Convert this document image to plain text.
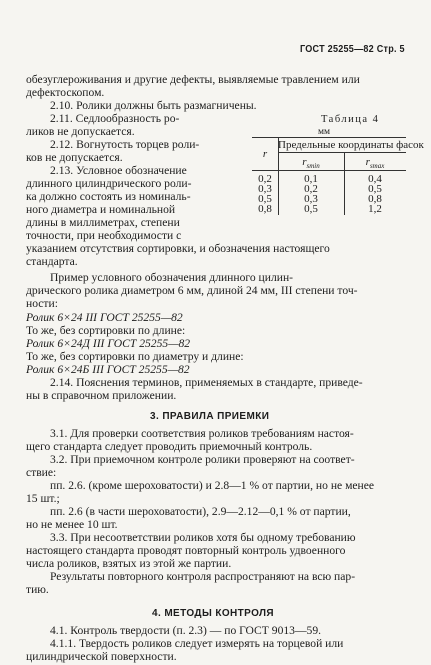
ГОСТ 25255—82 Стр. 5
обезуглероживания и другие дефекты, выявляемые травлением или
дефектоскопом.
2.10. Ролики должны быть размагничены.
2.11. Седлообразность ро-
ликов не допускается.
2.12. Вогнутость торцев роли-
ков не допускается.
2.13. Условное обозначение
длинного цилиндрического роли-
ка должно состоять из номиналь-
ного диаметра и номинальной
длины в миллиметрах, степени
точности, при необходимости с
указанием отсутствия сортировки, и обозначения настоящего
стандарта.
Таблица 4
мм
r
Предельные координаты фасок
$r_{smin}$	$r_{smax}$
0,2	0,1	0,4
0,3	0,2	0,5
0,5	0,3	0,8
0,8	0,5	1,2
Пример условного обозначения длинного цилин-
дрического ролика диаметром 6 мм, длиной 24 мм, III степени точ-
ности:
Ролик 6×24 III ГОСТ 25255—82
То же, без сортировки по длине:
Ролик 6×24Д III ГОСТ 25255—82
То же, без сортировки по диаметру и длине:
Ролик 6×24Б III ГОСТ 25255—82
2.14. Пояснения терминов, применяемых в стандарте, приведе-
ны в справочном приложении.
3. ПРАВИЛА ПРИЕМКИ
3.1. Для проверки соответствия роликов требованиям настоя-
щего стандарта следует проводить приемочный контроль.
3.2. При приемочном контроле ролики проверяют на соответ-
ствие:
пп. 2.6. (кроме шероховатости) и 2.8—1 % от партии, но не менее
15 шт.;
пп. 2.6 (в части шероховатости), 2.9—2.12—0,1 % от партии,
но не менее 10 шт.
3.3. При несоответствии роликов хотя бы одному требованию
настоящего стандарта проводят повторный контроль удвоенного
числа роликов, взятых из этой же партии.
Результаты повторного контроля распространяют на всю пар-
тию.
4. МЕТОДЫ КОНТРОЛЯ
4.1. Контроль твердости (п. 2.3) — по ГОСТ 9013—59.
4.1.1. Твердость роликов следует измерять на торцевой или
цилиндрической поверхности.
